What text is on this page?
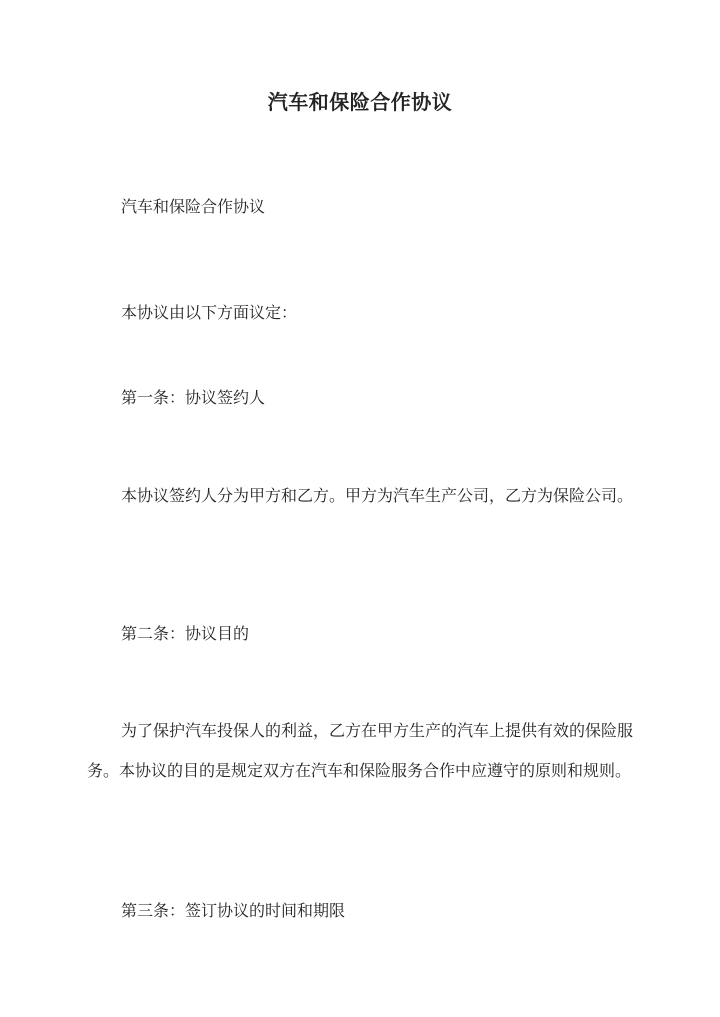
汽车和保险合作协议

汽车和保险合作协议

本协议由以下方面议定：

第一条：协议签约人

本协议签约人分为甲方和乙方。甲方为汽车生产公司，乙方为保险公司。

第二条：协议目的

为了保护汽车投保人的利益，乙方在甲方生产的汽车上提供有效的保险服务。本协议的目的是规定双方在汽车和保险服务合作中应遵守的原则和规则。

第三条：签订协议的时间和期限
